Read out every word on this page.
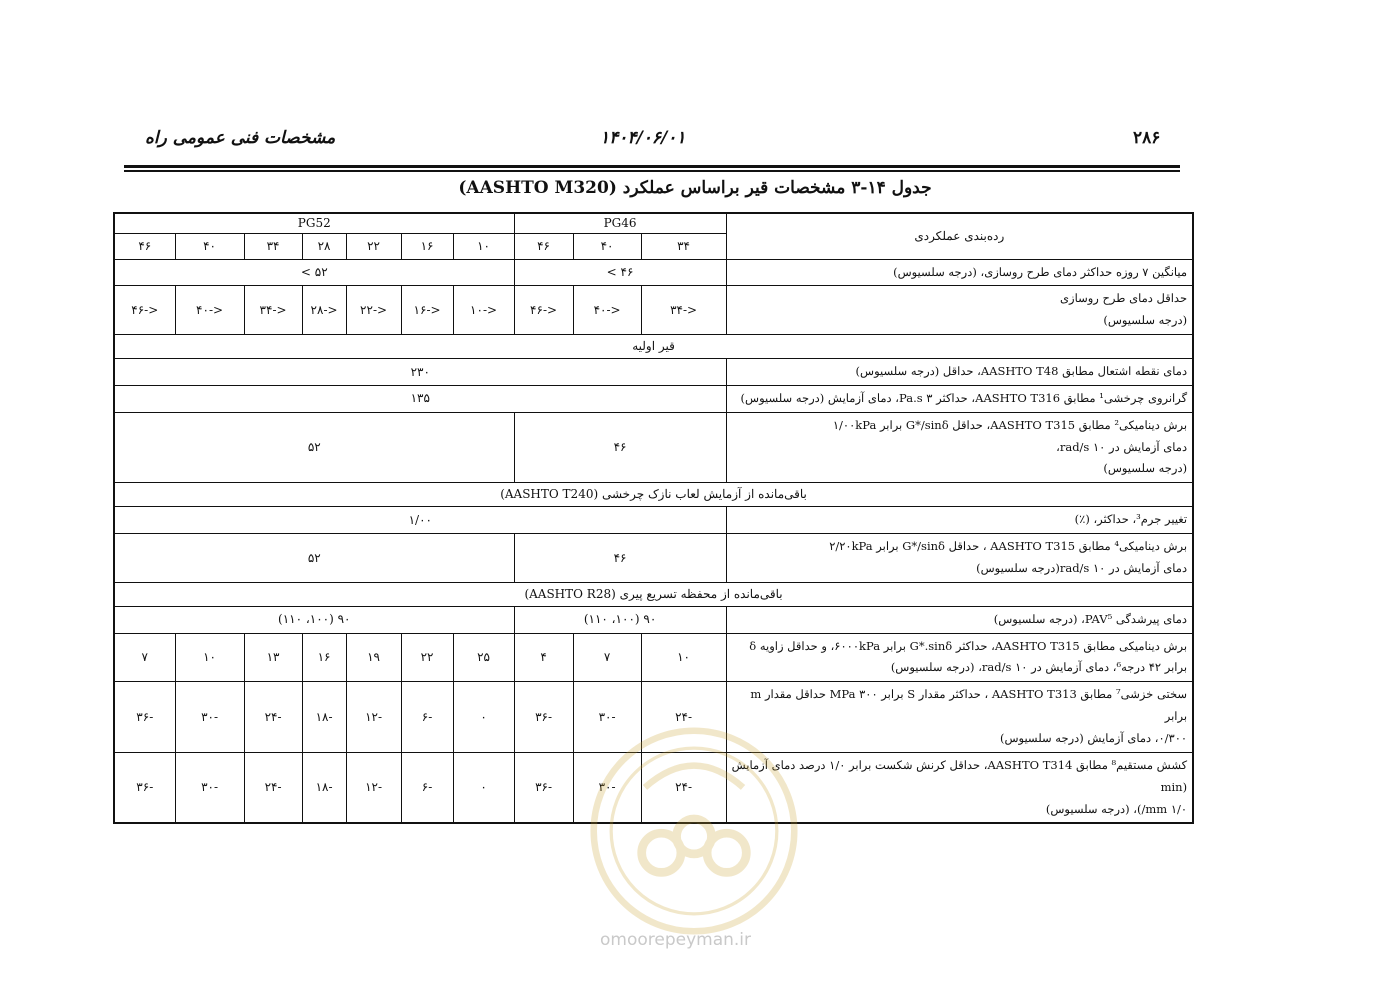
مشخصات فنی عمومی راه	۱۴۰۴/۰۶/۰۱	۲۸۶
جدول ۱۴-۳ مشخصات قیر براساس عملکرد (AASHTO M320)
رده‌بندی عملکردی	PG46			PG52						
	۳۴	۴۰	۴۶	۱۰	۱۶	۲۲	۲۸	۳۴	۴۰	۴۶
میانگین ۷ روزه حداکثر دمای طرح روسازی، (درجه سلسیوس)	۴۶ >			۵۲ >						

حداقل دمای طرح روسازی
(درجه سلسیوس)	<-۳۴	<-۴۰	<-۴۶	<-۱۰	<-۱۶	<-۲۲	<-۲۸	<-۳۴	<-۴۰	<-۴۶
قیر اولیه										
دمای نقطه اشتعال مطابق AASHTO T48، حداقل (درجه سلسیوس)	۲۳۰									
گرانروی چرخشی¹ مطابق AASHTO T316، حداکثر Pa.s ۳، دمای آزمایش (درجه سلسیوس)	۱۳۵									

برش دینامیکی² مطابق AASHTO T315، حداقل G*/sinδ برابر ۱/۰۰kPa
دمای آزمایش در ۱۰ rad/s،
(درجه سلسیوس)	۴۶			۵۲						
باقی‌مانده از آزمایش لعاب نازک چرخشی (AASHTO T240)										
تغییر جرم³، حداکثر، (٪)	۱/۰۰									

برش دینامیکی⁴ مطابق AASHTO T315 ، حداقل G*/sinδ برابر ۲/۲۰kPa
دمای آزمایش در ۱۰ rad/s(درجه سلسیوس)	۴۶			۵۲						
باقی‌مانده از محفظه تسریع پیری (AASHTO R28)										
دمای پیرشدگی PAV⁵، (درجه سلسیوس)	۹۰ (۱۰۰، ۱۱۰)			۹۰ (۱۰۰، ۱۱۰)						

برش دینامیکی مطابق AASHTO T315، حداکثر G*.sinδ برابر ۶۰۰۰kPa، و حداقل زاویه δ
برابر ۴۲ درجه⁶، دمای آزمایش در ۱۰ rad/s، (درجه سلسیوس)	۱۰	۷	۴	۲۵	۲۲	۱۹	۱۶	۱۳	۱۰	۷

سختی خزشی⁷ مطابق AASHTO T313 ، حداکثر مقدار S برابر ۳۰۰ MPa حداقل مقدار m برابر
۰/۳۰۰، دمای آزمایش (درجه سلسیوس)	-۲۴	-۳۰	-۳۶	۰	-۶	-۱۲	-۱۸	-۲۴	-۳۰	-۳۶

کشش مستقیم⁸ مطابق AASHTO T314، حداقل کرنش شکست برابر ۱/۰ درصد دمای آزمایش (min
۱/۰ mm/)، (درجه سلسیوس)	-۲۴	-۳۰	-۳۶	۰	-۶	-۱۲	-۱۸	-۲۴	-۳۰	-۳۶
omoorepeyman.ir
